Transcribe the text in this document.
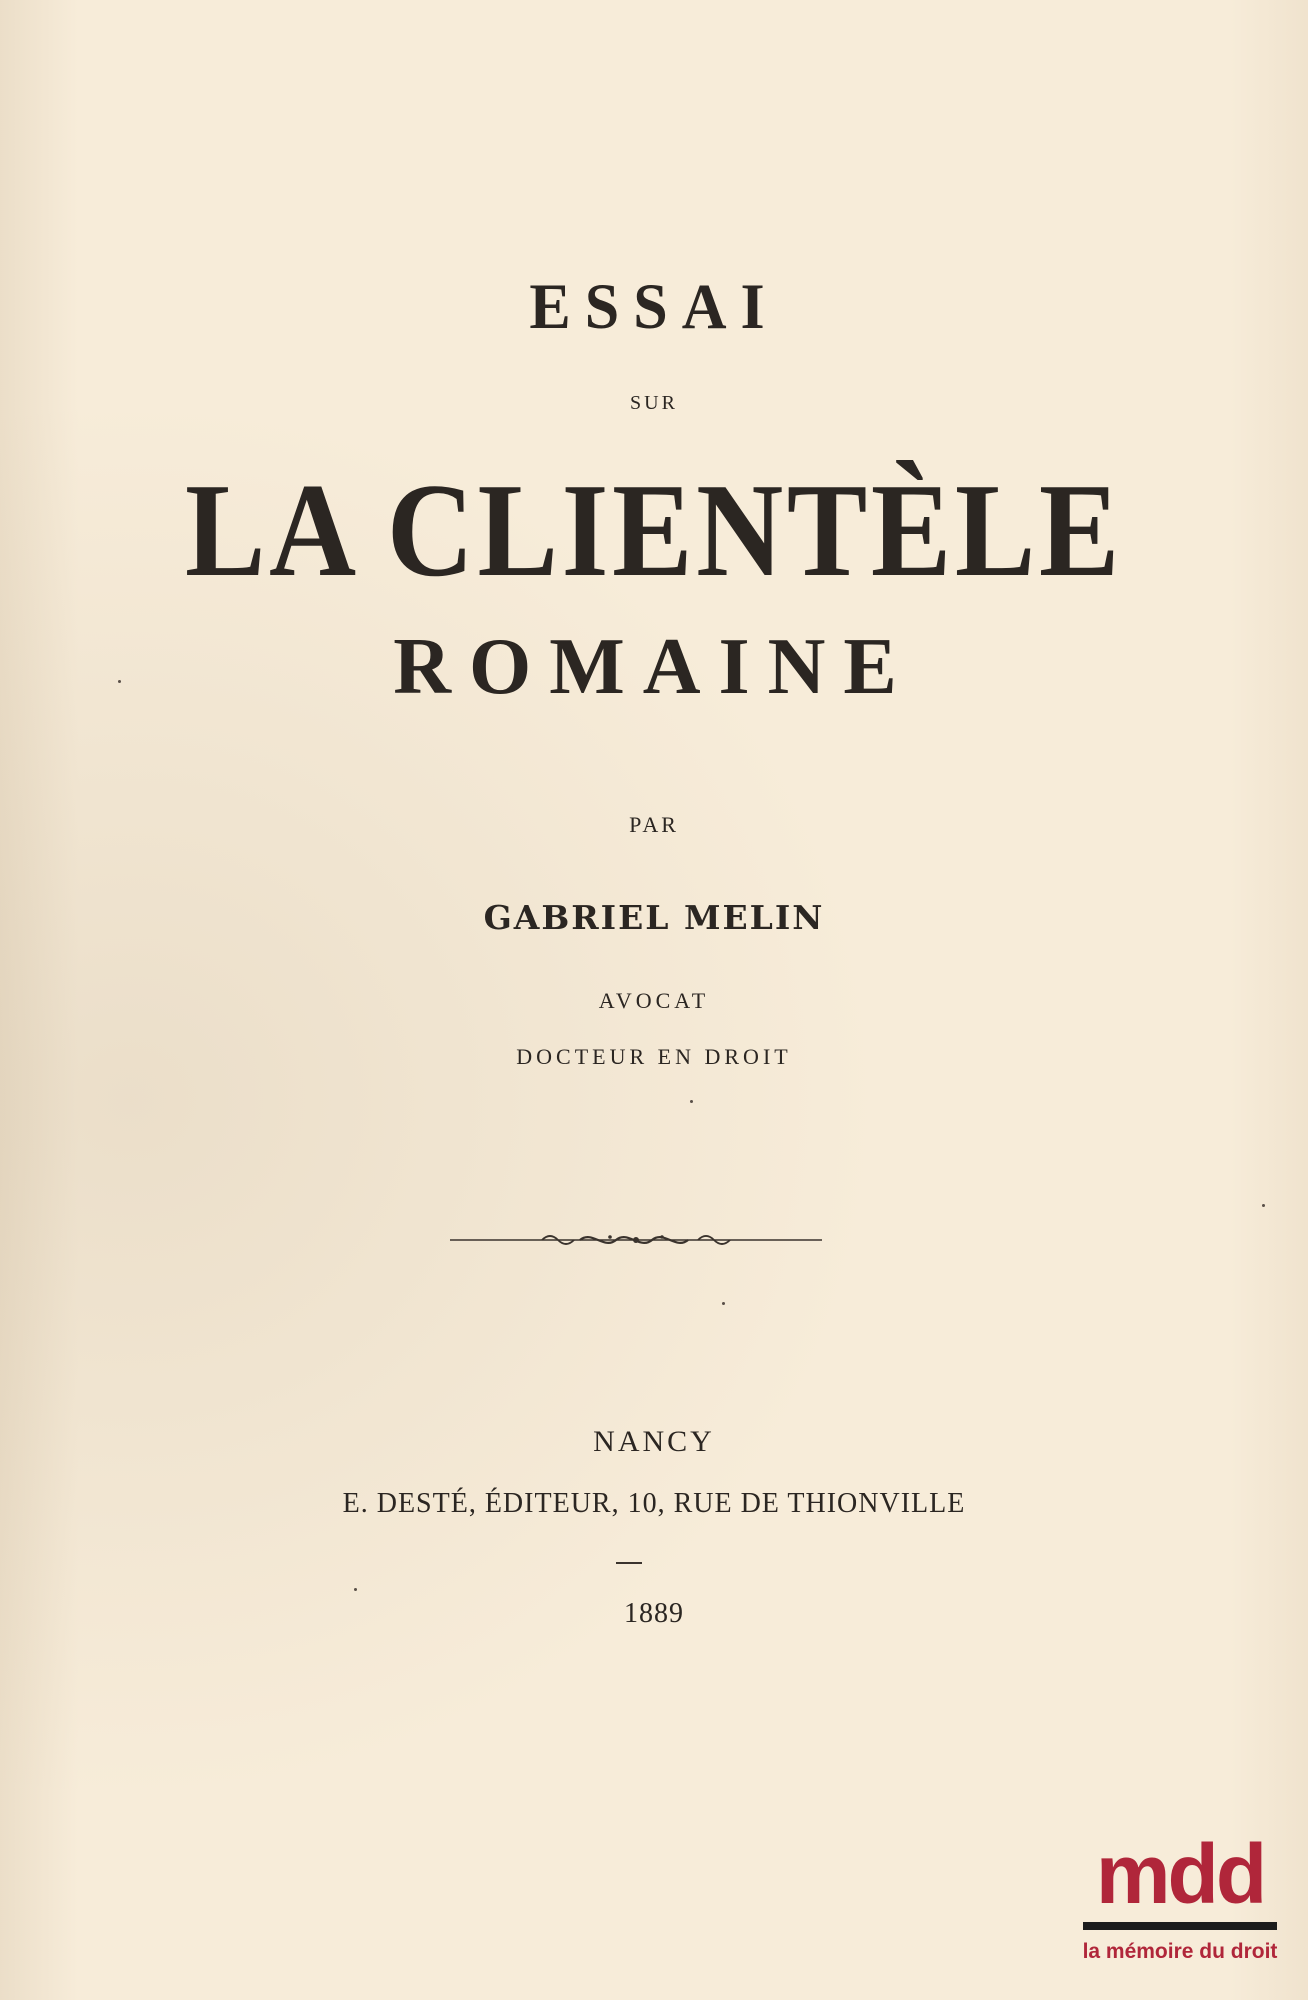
ESSAI
SUR
LA CLIENTÈLE
ROMAINE
PAR
GABRIEL MELIN
AVOCAT
DOCTEUR EN DROIT
NANCY
E. DESTÉ, ÉDITEUR, 10, RUE DE THIONVILLE
1889
mdd
la mémoire du droit
